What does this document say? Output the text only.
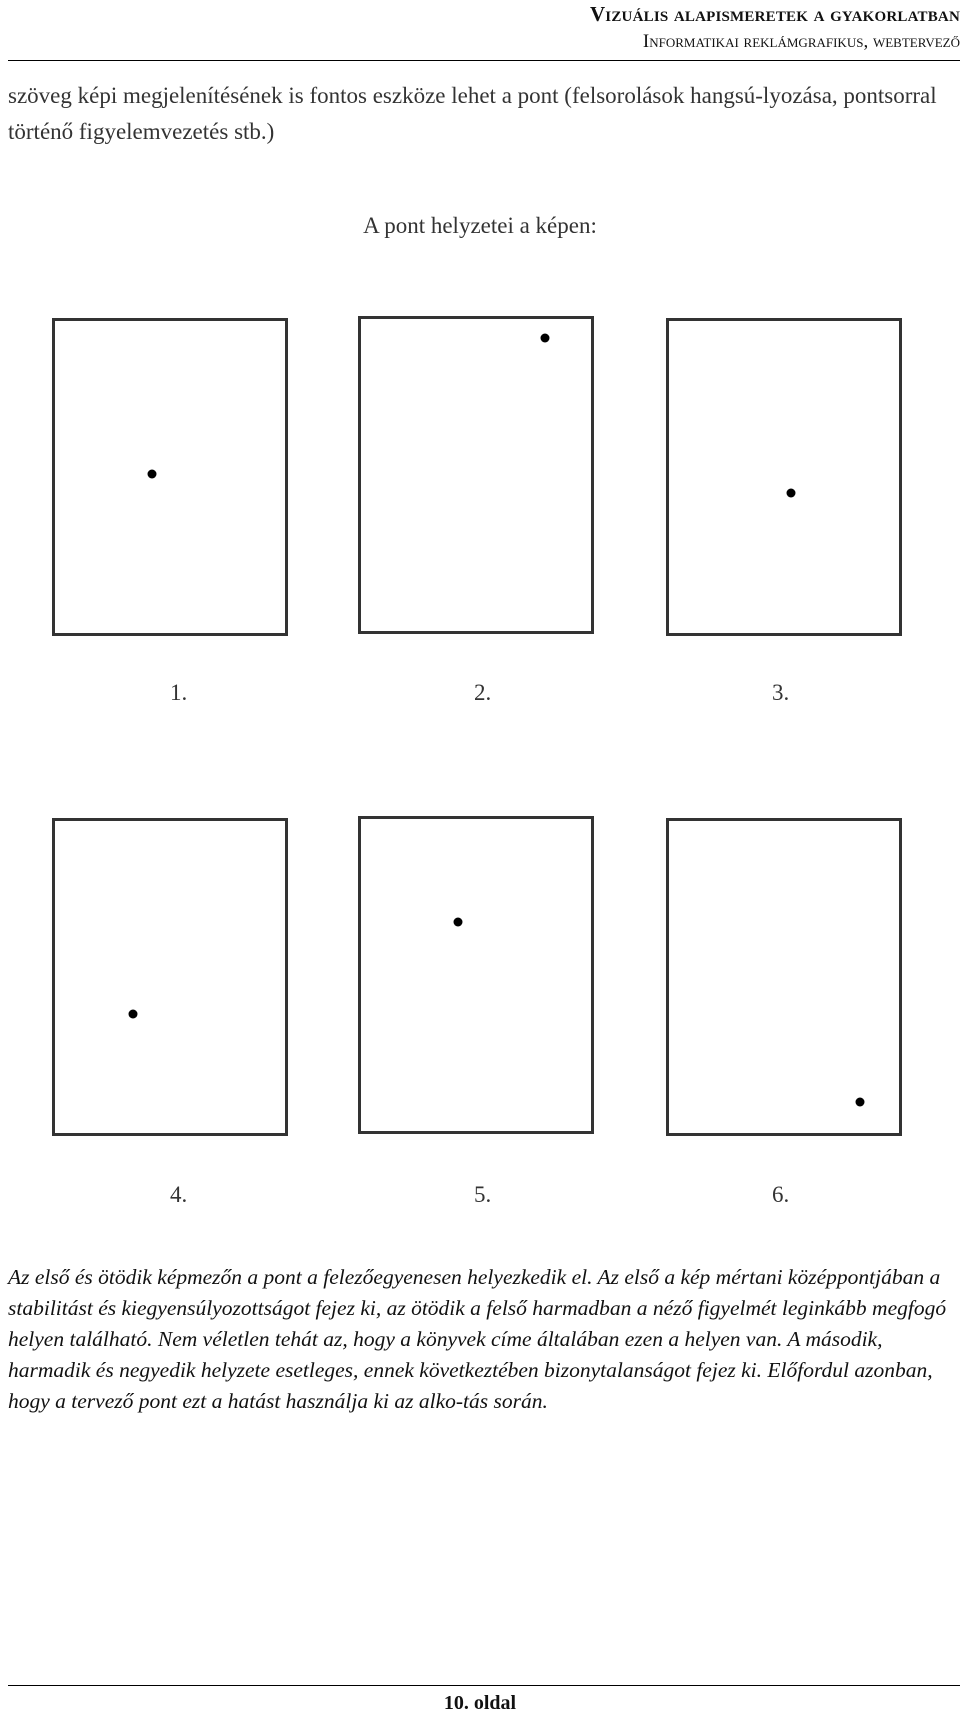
Vizuális alapismeretek a gyakorlatban
Informatikai reklámgrafikus, webtervező
szöveg képi megjelenítésének is fontos eszköze lehet a pont (felsorolások hangsú-lyozása, pontsorral történő figyelemvezetés stb.)
A pont helyzetei a képen:
1.	2.	3.
4.	5.	6.
Az első és ötödik képmezőn a pont a felezőegyenesen helyezkedik el. Az első a kép mértani középpontjában a stabilitást és kiegyensúlyozottságot fejez ki, az ötödik a felső harmadban a néző figyelmét leginkább megfogó helyen található. Nem véletlen tehát az, hogy a könyvek címe általában ezen a helyen van. A második, harmadik és negyedik helyzete esetleges, ennek következtében bizonytalanságot fejez ki. Előfordul azonban, hogy a tervező pont ezt a hatást használja ki az alko-tás során.
10. oldal
